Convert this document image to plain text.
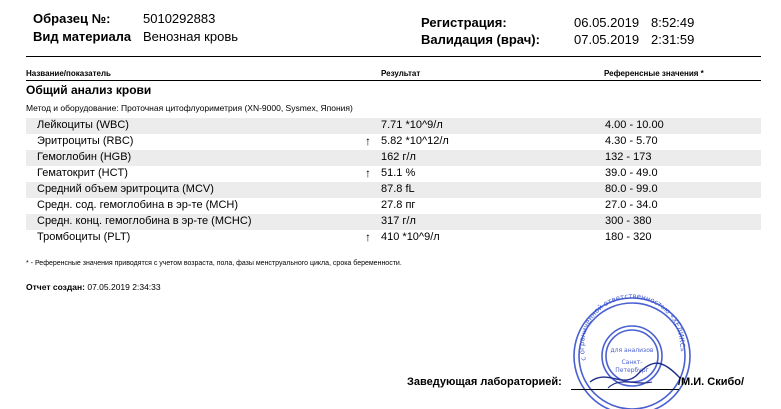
Образец №:	5010292883
Вид материала Венозная кровь
Регистрация:	06.05.2019 8:52:49
Валидация (врач):	07.05.2019 2:31:59
Название/показатель	Результат	Референсные значения *
Общий анализ крови
Метод и оборудование: Проточная цитофлуориметрия (XN-9000, Sysmex, Япония)
Лейкоциты (WBC)	7.71 *10^9/л	4.00 - 10.00
Эритроциты (RBC)	↑ 5.82 *10^12/л	4.30 - 5.70
Гемоглобин (HGB)	162 г/л	132 - 173
Гематокрит (HCT)	↑ 51.1 %	39.0 - 49.0
Средний объем эритроцита (MCV)	87.8 fL	80.0 - 99.0
Средн. сод. гемоглобина в эр-те (MCH)	27.8 пг	27.0 - 34.0
Средн. конц. гемоглобина в эр-те (MCHC)	317 г/л	300 - 380
Тромбоциты (PLT)	↑ 410 *10^9/л	180 - 320
* - Референсные значения приводятся с учетом возраста, пола, фазы менструального цикла, срока беременности.
Отчет создан: 07.05.2019 2:34:33
с ограниченной ответственностью «ХЕЛИКС»
для анализов
Санкт-
Петербург
Заведующая лабораторией:	/М.И. Скибо/
